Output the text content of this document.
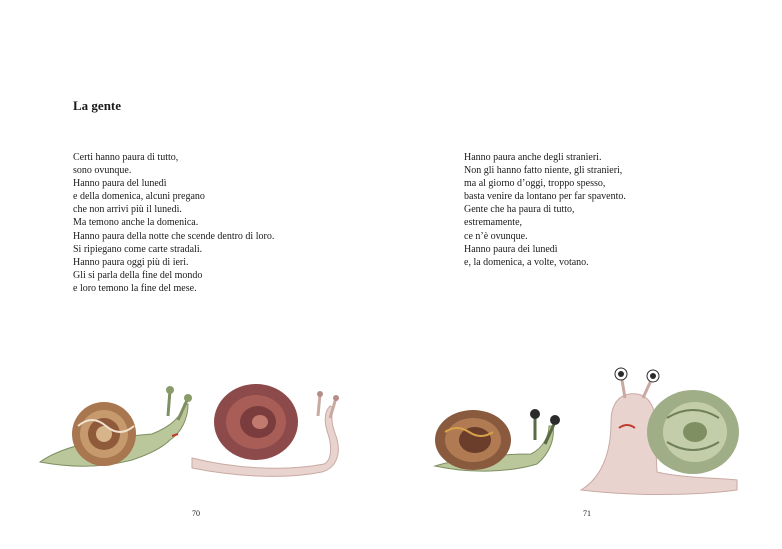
La gente
Certi hanno paura di tutto,
sono ovunque.
Hanno paura del lunedì
e della domenica, alcuni pregano
che non arrivi più il lunedì.
Ma temono anche la domenica.
Hanno paura della notte che scende dentro di loro.
Si ripiegano come carte stradali.
Hanno paura oggi più di ieri.
Gli si parla della fine del mondo
e loro temono la fine del mese.
70
Hanno paura anche degli stranieri.
Non gli hanno fatto niente, gli stranieri,
ma al giorno d’oggi, troppo spesso,
basta venire da lontano per far spavento.
Gente che ha paura di tutto,
estremamente,
ce n’è ovunque.
Hanno paura dei lunedì
e, la domenica, a volte, votano.
71
